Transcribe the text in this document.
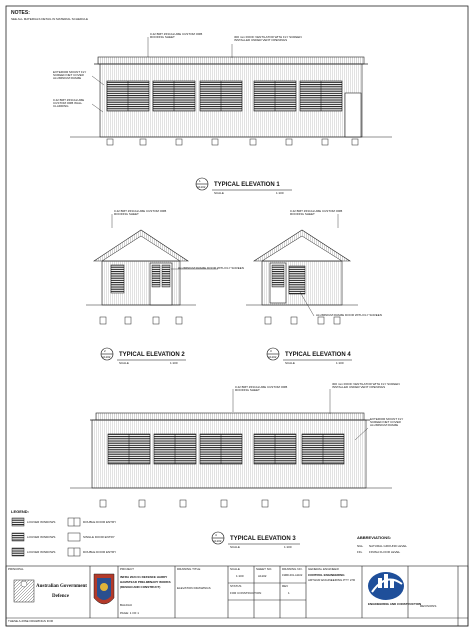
NOTES:
SEE ALL MATERIALS DETAIL IN MATERIAL SCHEDULE
0.42 BMT ZINCALUME CUSTOM ORB ROOFING SHEET	300 mm ROOF VENTILATOR WITH FLY SCREEN INSTALLED UNDER VENT OPENINGS
EXTERIOR MOUNT FLY SCREEN NET COVER ALUMINIUM FRAME
0.42 BMT ZINCALUME CUSTOM ORB WALL CLADDING
1
A1102 TYPICAL ELEVATION 1
SCALE	1:100
0.42 BMT ZINCALUME CUSTOM ORB ROOFING SHEET
ALUMINIUM FRAME DOOR WITH FLY SCREEN
2
A1102 TYPICAL ELEVATION 2
SCALE	1:100
0.42 BMT ZINCALUME CUSTOM ORB ROOFING SHEET
ALUMINIUM FRAME DOOR WITH FLY SCREEN
3
A1102 TYPICAL ELEVATION 4
SCALE	1:100
0.42 BMT ZINCALUME CUSTOM ORB ROOFING SHEET
300 mm ROOF VENTILATOR WITH FLY SCREEN INSTALLED UNDER VENT OPENINGS
EXTERIOR MOUNT FLY SCREEN NET COVER ALUMINIUM FRAME
4
A1102 TYPICAL ELEVATION 3
SCALE	1:100
LEGEND:
LOUVER WINDOWS	DOUBLE DOOR ENTRY
LOUVER WINDOWS	SINGLE DOOR ENTRY
LOUVER WINDOWS	DOUBLE DOOR ENTRY
ABBREVIATIONS:
NGL NATURAL GROUND LEVEL
FFL FINISH FLOOR LEVEL
PRINCIPAL
Australian Government
Defence
PROJECT
INFRA 2024 01 DEFENCE HARRY
HAMSTEAD PRELIMINARY WORKS
(DESIGN AND CONSTRUCT)
BALDAU
DRAWING TITLE
ELEVATION DRAWINGS
SCALE
1:100
SHEET NO.
A1102
DRAWING NO.
19MD-001-A1102
STATUS
FOR CONSTRUCTION
REV
1
GENERAL ENGINEER
CONTROL ENGINEERING
ARTHUR ENGINEERING PTY LTD
ENGINEERING AND CONSTRUCTION
REVISIONS
THESE A-RISE DRAWINGS FOR
PAGE: 1 OF 1
